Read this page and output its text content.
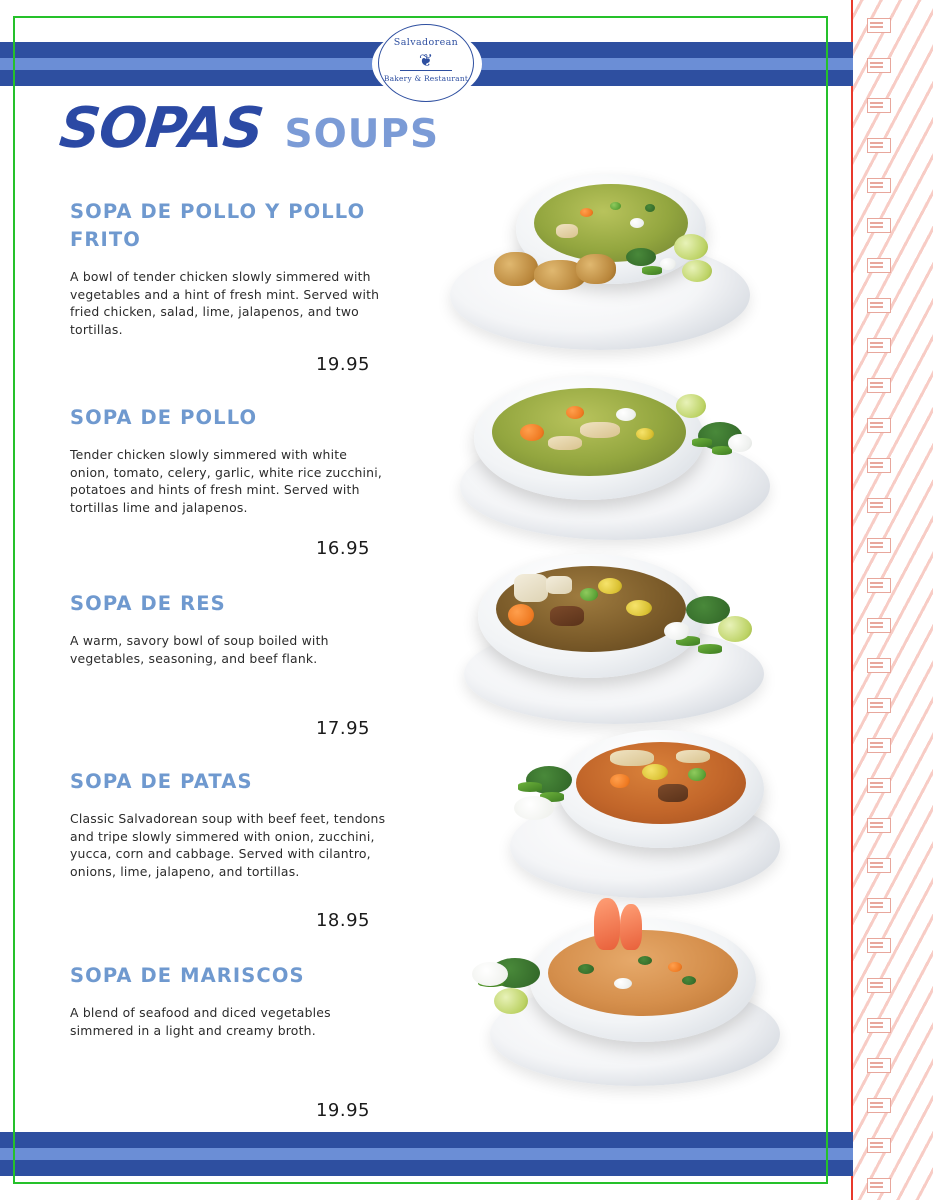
Salvadorean
❦
Bakery & Restaurant
SOPAS SOUPS

SOPA DE POLLO Y POLLO FRITO

A bowl of tender chicken slowly simmered with vegetables and a hint of fresh mint. Served with fried chicken, salad, lime, jalapenos, and two tortillas.

19.95

SOPA DE POLLO

Tender chicken slowly simmered with white onion, tomato, celery, garlic, white rice zucchini, potatoes and hints of fresh mint. Served with tortillas lime and jalapenos.

16.95

SOPA DE RES

A warm, savory bowl of soup boiled with vegetables, seasoning, and beef flank.

17.95

SOPA DE PATAS

Classic Salvadorean soup with beef feet, tendons and tripe slowly simmered with onion, zucchini, yucca, corn and cabbage. Served with cilantro, onions, lime, jalapeno, and tortillas.

18.95

SOPA DE MARISCOS

A blend of seafood and diced vegetables simmered in a light and creamy broth.

19.95
